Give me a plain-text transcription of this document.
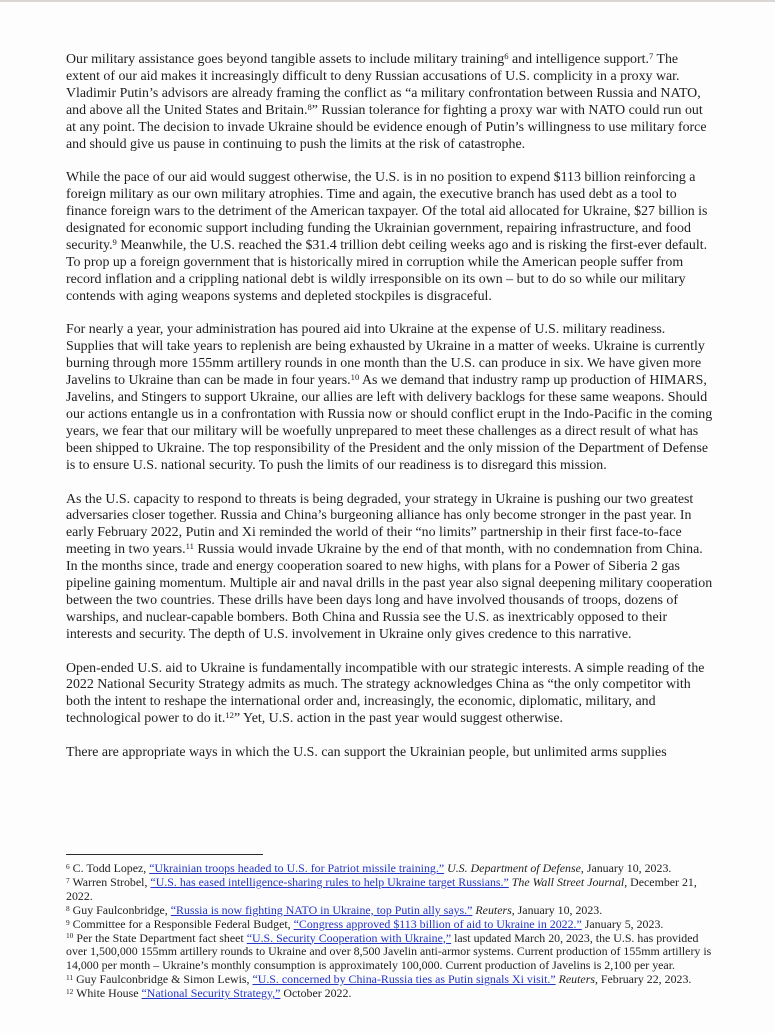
Our military assistance goes beyond tangible assets to include military training$^6$ and intelligence support.$^7$ The extent of our aid makes it increasingly difficult to deny Russian accusations of U.S. complicity in a proxy war. Vladimir Putin’s advisors are already framing the conflict as “a military confrontation between Russia and NATO, and above all the United States and Britain.$^8$” Russian tolerance for fighting a proxy war with NATO could run out at any point. The decision to invade Ukraine should be evidence enough of Putin’s willingness to use military force and should give us pause in continuing to push the limits at the risk of catastrophe.

While the pace of our aid would suggest otherwise, the U.S. is in no position to expend $113 billion reinforcing a foreign military as our own military atrophies. Time and again, the executive branch has used debt as a tool to finance foreign wars to the detriment of the American taxpayer. Of the total aid allocated for Ukraine, $27 billion is designated for economic support including funding the Ukrainian government, repairing infrastructure, and food security.$^9$ Meanwhile, the U.S. reached the $31.4 trillion debt ceiling weeks ago and is risking the first-ever default. To prop up a foreign government that is historically mired in corruption while the American people suffer from record inflation and a crippling national debt is wildly irresponsible on its own – but to do so while our military contends with aging weapons systems and depleted stockpiles is disgraceful.

For nearly a year, your administration has poured aid into Ukraine at the expense of U.S. military readiness. Supplies that will take years to replenish are being exhausted by Ukraine in a matter of weeks. Ukraine is currently burning through more 155mm artillery rounds in one month than the U.S. can produce in six. We have given more Javelins to Ukraine than can be made in four years.$^{10}$ As we demand that industry ramp up production of HIMARS, Javelins, and Stingers to support Ukraine, our allies are left with delivery backlogs for these same weapons. Should our actions entangle us in a confrontation with Russia now or should conflict erupt in the Indo-Pacific in the coming years, we fear that our military will be woefully unprepared to meet these challenges as a direct result of what has been shipped to Ukraine. The top responsibility of the President and the only mission of the Department of Defense is to ensure U.S. national security. To push the limits of our readiness is to disregard this mission.

As the U.S. capacity to respond to threats is being degraded, your strategy in Ukraine is pushing our two greatest adversaries closer together. Russia and China’s burgeoning alliance has only become stronger in the past year. In early February 2022, Putin and Xi reminded the world of their “no limits” partnership in their first face-to-face meeting in two years.$^{11}$ Russia would invade Ukraine by the end of that month, with no condemnation from China. In the months since, trade and energy cooperation soared to new highs, with plans for a Power of Siberia 2 gas pipeline gaining momentum. Multiple air and naval drills in the past year also signal deepening military cooperation between the two countries. These drills have been days long and have involved thousands of troops, dozens of warships, and nuclear-capable bombers. Both China and Russia see the U.S. as inextricably opposed to their interests and security. The depth of U.S. involvement in Ukraine only gives credence to this narrative.

Open-ended U.S. aid to Ukraine is fundamentally incompatible with our strategic interests. A simple reading of the 2022 National Security Strategy admits as much. The strategy acknowledges China as “the only competitor with both the intent to reshape the international order and, increasingly, the economic, diplomatic, military, and technological power to do it.$^{12}$” Yet, U.S. action in the past year would suggest otherwise.

There are appropriate ways in which the U.S. can support the Ukrainian people, but unlimited arms supplies

$^6$ C. Todd Lopez, “Ukrainian troops headed to U.S. for Patriot missile training.” U.S. Department of Defense, January 10, 2023.
$^7$ Warren Strobel, “U.S. has eased intelligence-sharing rules to help Ukraine target Russians.” The Wall Street Journal, December 21, 2022.
$^8$ Guy Faulconbridge, “Russia is now fighting NATO in Ukraine, top Putin ally says.” Reuters, January 10, 2023.
$^9$ Committee for a Responsible Federal Budget, “Congress approved $113 billion of aid to Ukraine in 2022.” January 5, 2023.
$^{10}$ Per the State Department fact sheet “U.S. Security Cooperation with Ukraine,” last updated March 20, 2023, the U.S. has provided over 1,500,000 155mm artillery rounds to Ukraine and over 8,500 Javelin anti-armor systems. Current production of 155mm artillery is 14,000 per month – Ukraine’s monthly consumption is approximately 100,000. Current production of Javelins is 2,100 per year.
$^{11}$ Guy Faulconbridge & Simon Lewis, “U.S. concerned by China-Russia ties as Putin signals Xi visit.” Reuters, February 22, 2023.
$^{12}$ White House “National Security Strategy,” October 2022.
